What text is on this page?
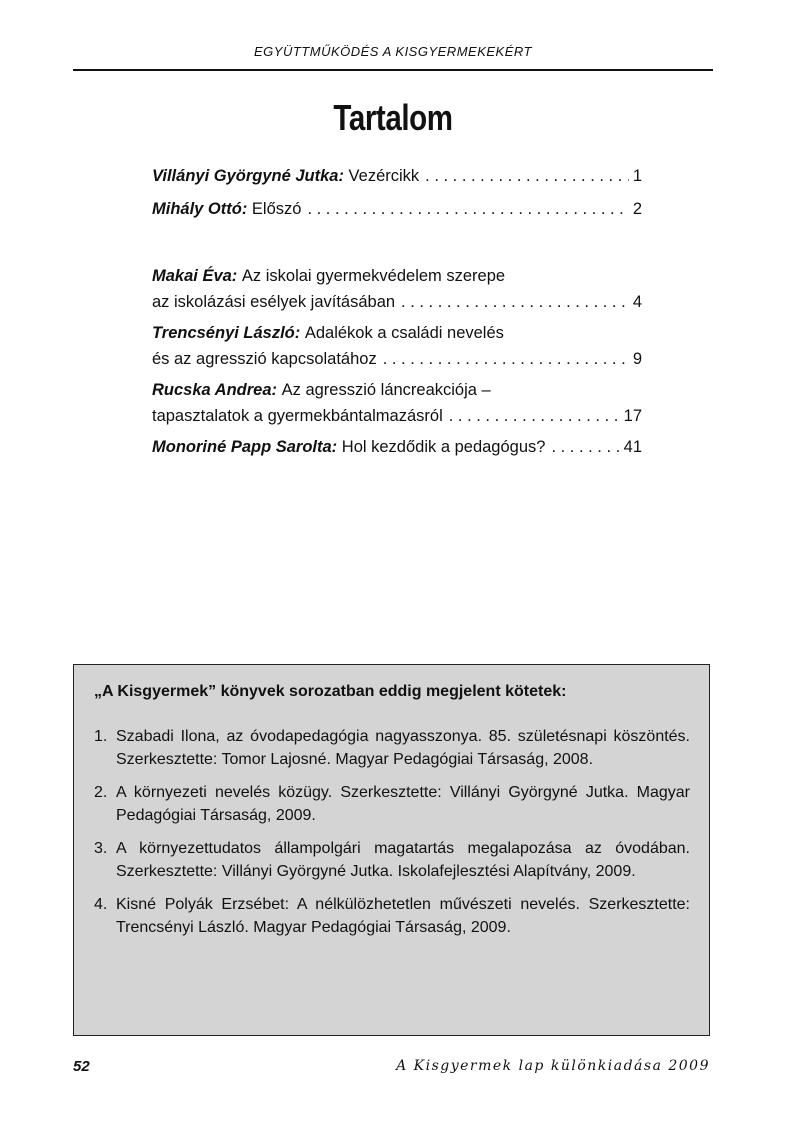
EGYÜTTMŰKÖDÉS A KISGYERMEKEKÉRT
Tartalom
Villányi Györgyné Jutka:
Vezércikk . . .	1
Mihály Ottó:
Előszó . . .	2
Makai Éva:
Az iskolai gyermekvédelem szerepe
az iskolázási esélyek javításában . . .	4
Trencsényi László:
Adalékok a családi nevelés
és az agresszió kapcsolatához . . .	9
Rucska Andrea:
Az agresszió láncreakciója –
tapasztalatok a gyermekbántalmazásról . . .	17
Monoriné Papp Sarolta:
Hol kezdődik a pedagógus? . . .	41
„A Kisgyermek” könyvek sorozatban eddig megjelent kötetek:
1. Szabadi Ilona, az óvodapedagógia nagyasszonya. 85. születésnapi köszöntés. Szerkesztette: Tomor Lajosné. Magyar Pedagógiai Társaság, 2008.
2. A környezeti nevelés közügy. Szerkesztette: Villányi Györgyné Jutka. Magyar Pedagógiai Társaság, 2009.
3. A környezettudatos állampolgári magatartás megalapozása az óvodában. Szerkesztette: Villányi Györgyné Jutka. Iskolafejlesztési Alapítvány, 2009.
4. Kisné Polyák Erzsébet: A nélkülözhetetlen művészeti nevelés. Szerkesztette: Trencsényi László. Magyar Pedagógiai Társaság, 2009.
52	A Kisgyermek lap különkiadása 2009
